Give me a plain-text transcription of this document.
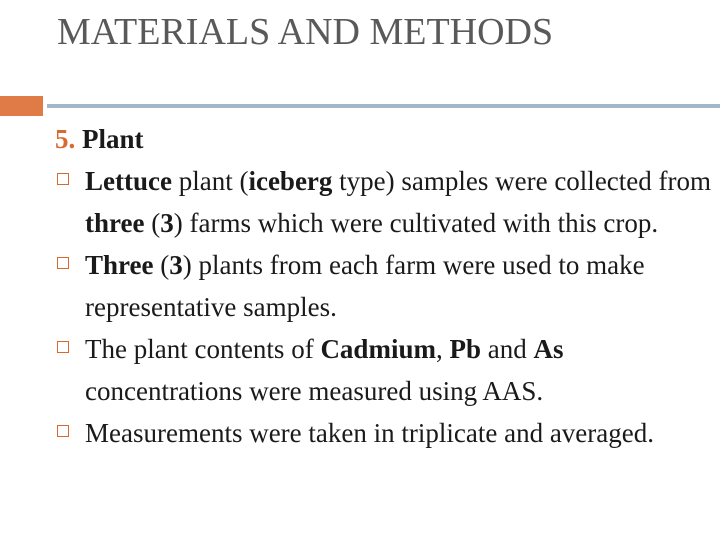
MATERIALS AND METHODS
5. Plant
Lettuce plant (iceberg type) samples were collected from three (3) farms which were cultivated with this crop.
Three (3) plants from each farm were used to make representative samples.
The plant contents of Cadmium, Pb and As concentrations were measured using AAS.
Measurements were taken in triplicate and averaged.
